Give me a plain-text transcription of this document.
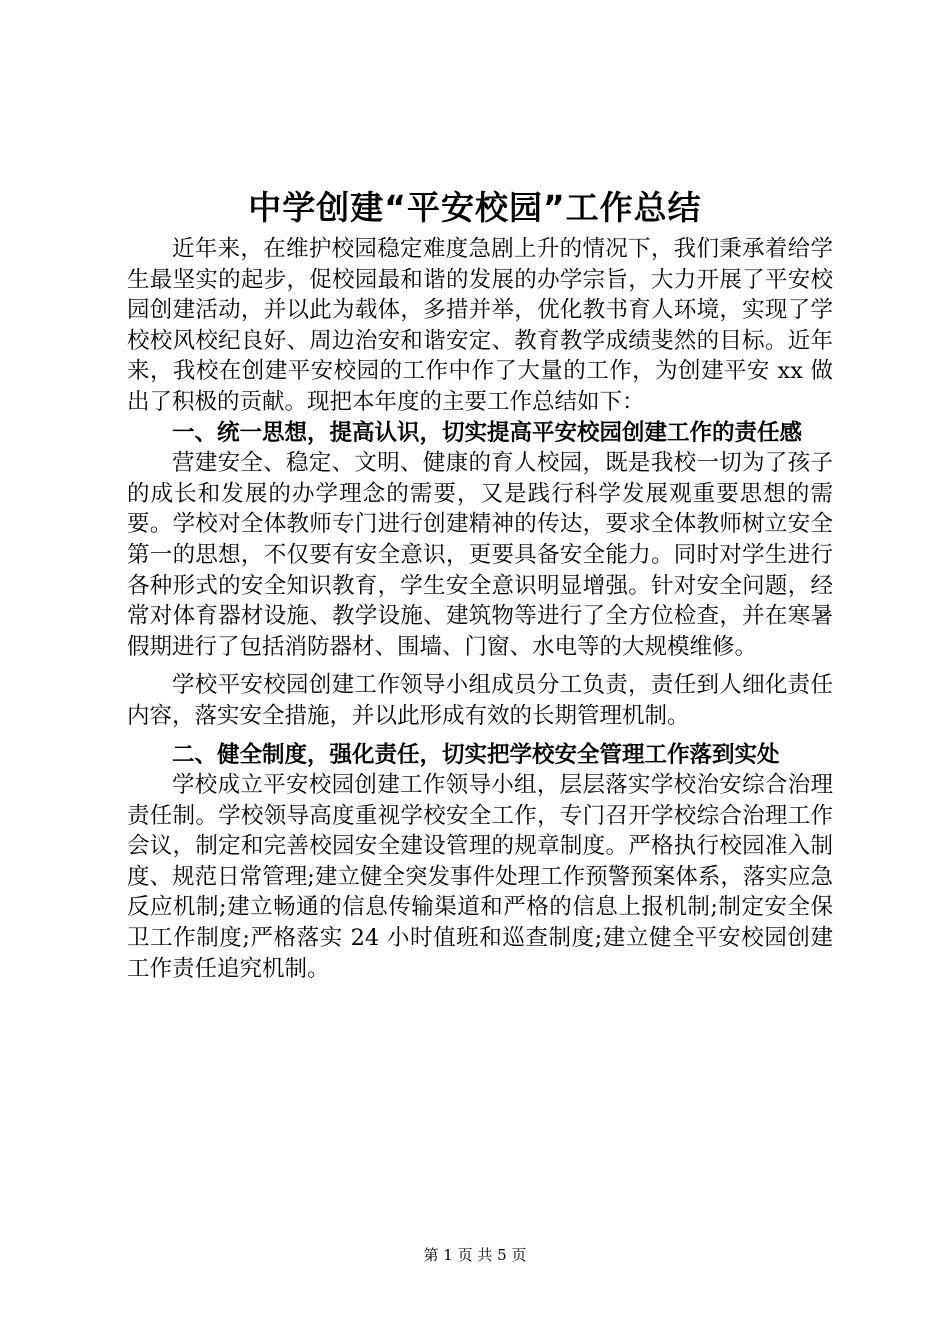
中学创建“平安校园”工作总结

近年来，在维护校园稳定难度急剧上升的情况下，我们秉承着给学生最坚实的起步，促校园最和谐的发展的办学宗旨，大力开展了平安校园创建活动，并以此为载体，多措并举，优化教书育人环境，实现了学校校风校纪良好、周边治安和谐安定、教育教学成绩斐然的目标。近年来，我校在创建平安校园的工作中作了大量的工作，为创建平安 xx 做出了积极的贡献。现把本年度的主要工作总结如下：

一、统一思想，提高认识，切实提高平安校园创建工作的责任感

营建安全、稳定、文明、健康的育人校园，既是我校一切为了孩子的成长和发展的办学理念的需要，又是践行科学发展观重要思想的需要。学校对全体教师专门进行创建精神的传达，要求全体教师树立安全第一的思想，不仅要有安全意识，更要具备安全能力。同时对学生进行各种形式的安全知识教育，学生安全意识明显增强。针对安全问题，经常对体育器材设施、教学设施、建筑物等进行了全方位检查，并在寒暑假期进行了包括消防器材、围墙、门窗、水电等的大规模维修。

学校平安校园创建工作领导小组成员分工负责，责任到人细化责任内容，落实安全措施，并以此形成有效的长期管理机制。

二、健全制度，强化责任，切实把学校安全管理工作落到实处

学校成立平安校园创建工作领导小组，层层落实学校治安综合治理责任制。学校领导高度重视学校安全工作，专门召开学校综合治理工作会议，制定和完善校园安全建设管理的规章制度。严格执行校园准入制度、规范日常管理;建立健全突发事件处理工作预警预案体系，落实应急反应机制;建立畅通的信息传输渠道和严格的信息上报机制;制定安全保卫工作制度;严格落实 24 小时值班和巡查制度;建立健全平安校园创建工作责任追究机制。

第 1 页 共 5 页
